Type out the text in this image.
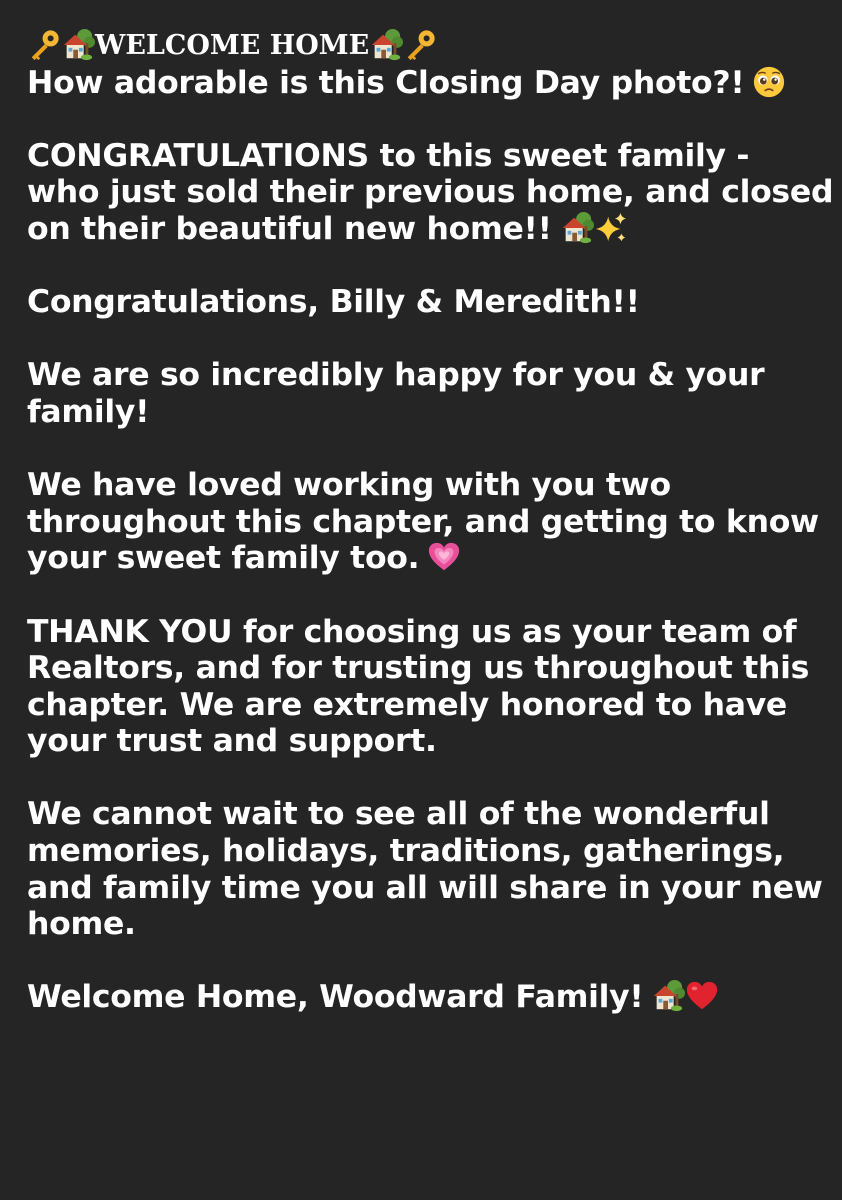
WELCOME HOME
How adorable is this Closing Day photo?!
CONGRATULATIONS to this sweet family -
who just sold their previous home, and closed
on their beautiful new home!!
Congratulations, Billy & Meredith!!
We are so incredibly happy for you & your
family!
We have loved working with you two
throughout this chapter, and getting to know
your sweet family too.
THANK YOU for choosing us as your team of
Realtors, and for trusting us throughout this
chapter. We are extremely honored to have
your trust and support.
We cannot wait to see all of the wonderful
memories, holidays, traditions, gatherings,
and family time you all will share in your new
home.
Welcome Home, Woodward Family!
